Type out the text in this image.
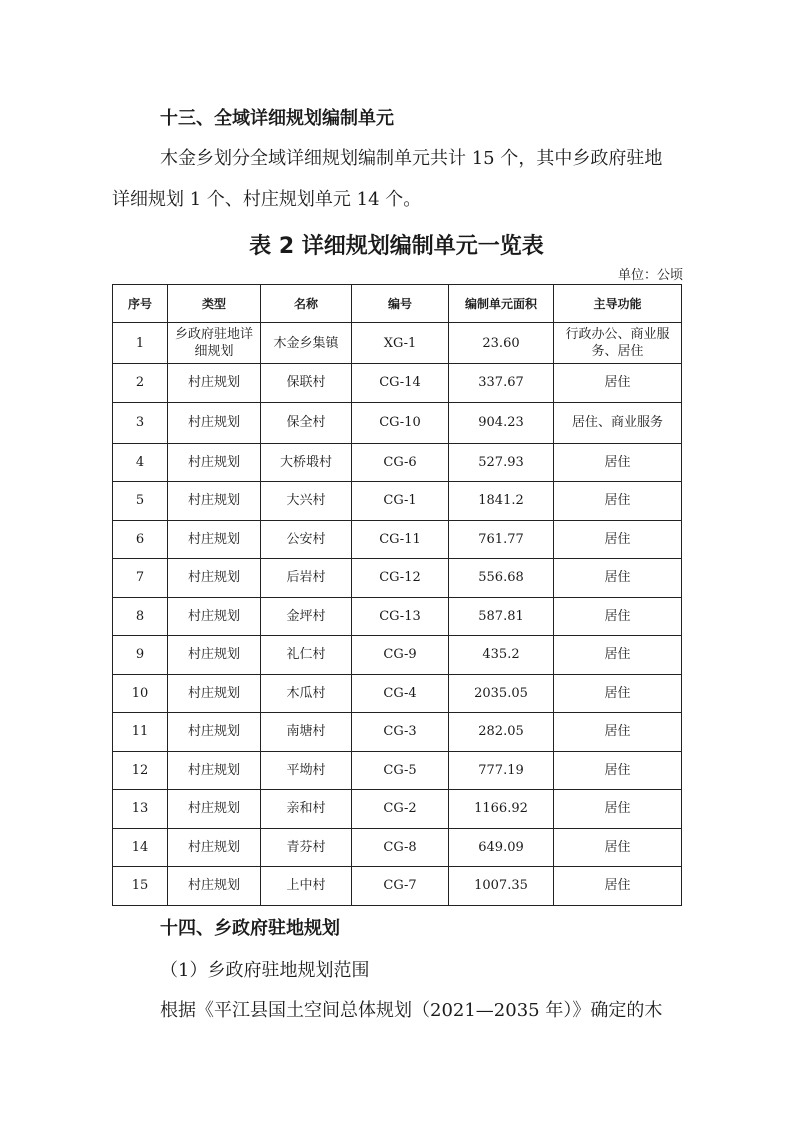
十三、全域详细规划编制单元
木金乡划分全域详细规划编制单元共计 15 个，其中乡政府驻地
详细规划 1 个、村庄规划单元 14 个。
表 2 详细规划编制单元一览表
单位：公顷
序号	类型	名称	编号	编制单元面积	主导功能
1	乡政府驻地详细规划	木金乡集镇	XG-1	23.60	行政办公、商业服务、居住
2	村庄规划	保联村	CG-14	337.67	居住
3	村庄规划	保全村	CG-10	904.23	居住、商业服务
4	村庄规划	大桥塅村	CG-6	527.93	居住
5	村庄规划	大兴村	CG-1	1841.2	居住
6	村庄规划	公安村	CG-11	761.77	居住
7	村庄规划	后岩村	CG-12	556.68	居住
8	村庄规划	金坪村	CG-13	587.81	居住
9	村庄规划	礼仁村	CG-9	435.2	居住
10	村庄规划	木瓜村	CG-4	2035.05	居住
11	村庄规划	南塘村	CG-3	282.05	居住
12	村庄规划	平坳村	CG-5	777.19	居住
13	村庄规划	亲和村	CG-2	1166.92	居住
14	村庄规划	青芬村	CG-8	649.09	居住
15	村庄规划	上中村	CG-7	1007.35	居住
十四、乡政府驻地规划
（1）乡政府驻地规划范围
根据《平江县国土空间总体规划（2021—2035 年）》确定的木
